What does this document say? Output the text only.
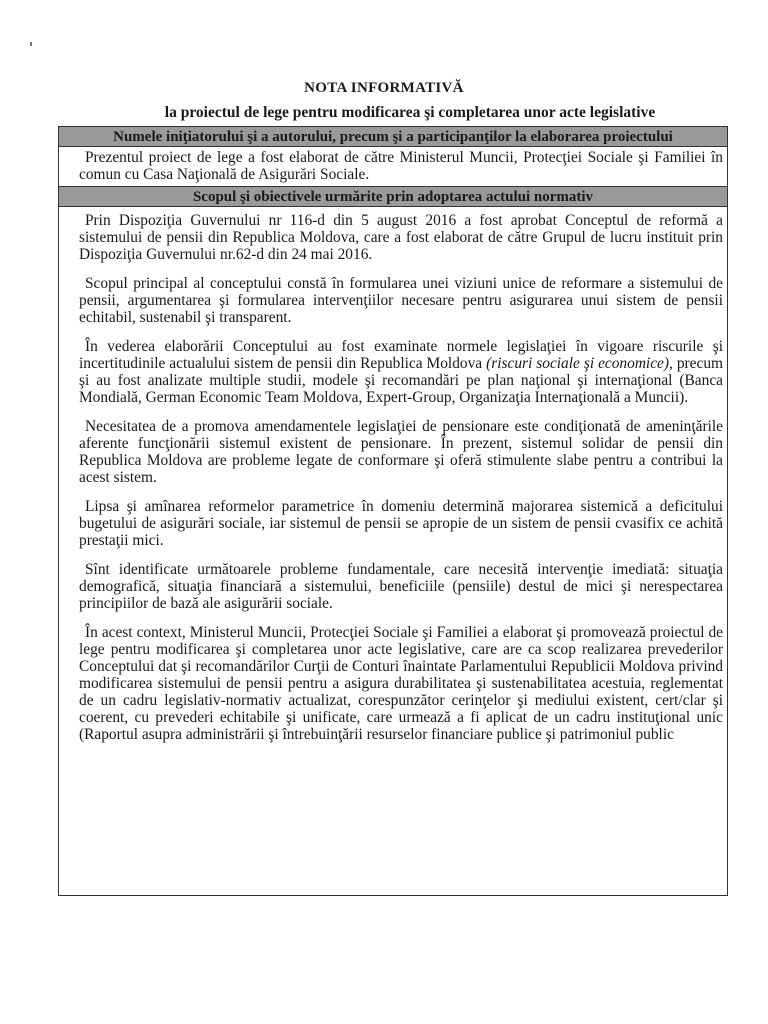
NOTA INFORMATIVĂ
la proiectul de lege pentru modificarea şi completarea unor acte legislative
Numele iniţiatorului şi a autorului, precum şi a participanţilor la elaborarea proiectului

Prezentul proiect de lege a fost elaborat de către Ministerul Muncii, Protecţiei Sociale şi Familiei în comun cu Casa Naţională de Asigurări Sociale.

Scopul şi obiectivele urmărite prin adoptarea actului normativ

Prin Dispoziţia Guvernului nr 116-d din 5 august 2016 a fost aprobat Conceptul de reformă a sistemului de pensii din Republica Moldova, care a fost elaborat de către Grupul de lucru instituit prin Dispoziţia Guvernului nr.62-d din 24 mai 2016.

Scopul principal al conceptului constă în formularea unei viziuni unice de reformare a sistemului de pensii, argumentarea şi formularea intervenţiilor necesare pentru asigurarea unui sistem de pensii echitabil, sustenabil şi transparent.

În vederea elaborării Conceptului au fost examinate normele legislaţiei în vigoare riscurile şi incertitudinile actualului sistem de pensii din Republica Moldova (riscuri sociale şi economice), precum şi au fost analizate multiple studii, modele şi recomandări pe plan naţional şi internaţional (Banca Mondială, German Economic Team Moldova, Expert-Group, Organizaţia Internaţională a Muncii).

Necesitatea de a promova amendamentele legislaţiei de pensionare este condiţionată de ameninţările aferente funcţionării sistemul existent de pensionare. În prezent, sistemul solidar de pensii din Republica Moldova are probleme legate de conformare şi oferă stimulente slabe pentru a contribui la acest sistem.

Lipsa şi amînarea reformelor parametrice în domeniu determină majorarea sistemică a deficitului bugetului de asigurări sociale, iar sistemul de pensii se apropie de un sistem de pensii cvasifix ce achită prestaţii mici.

Sînt identificate următoarele probleme fundamentale, care necesită intervenţie imediată: situaţia demografică, situaţia financiară a sistemului, beneficiile (pensiile) destul de mici şi nerespectarea principiilor de bază ale asigurării sociale.

În acest context, Ministerul Muncii, Protecţiei Sociale şi Familiei a elaborat şi promovează proiectul de lege pentru modificarea şi completarea unor acte legislative, care are ca scop realizarea prevederilor Conceptului dat şi recomandărilor Curţii de Conturi înaintate Parlamentului Republicii Moldova privind modificarea sistemului de pensii pentru a asigura durabilitatea şi sustenabilitatea acestuia, reglementat de un cadru legislativ-normativ actualizat, corespunzător cerinţelor şi mediului existent, cert/clar şi coerent, cu prevederi echitabile şi unificate, care urmează a fi aplicat de un cadru instituţional unic (Raportul asupra administrării şi întrebuinţării resurselor financiare publice şi patrimoniul public
